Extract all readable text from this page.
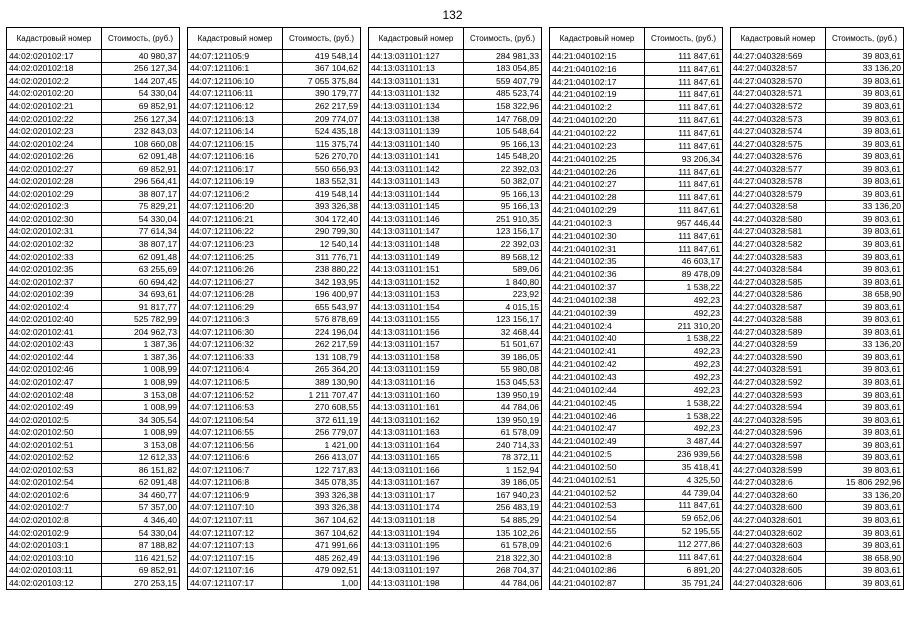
132
Кадастровый номер	Стоимость, (руб.)
44:02:020102:17	40 980,37
44:02:020102:18	256 127,34
44:02:020102:2	144 207,45
44:02:020102:20	54 330,04
44:02:020102:21	69 852,91
44:02:020102:22	256 127,34
44:02:020102:23	232 843,03
44:02:020102:24	108 660,08
44:02:020102:26	62 091,48
44:02:020102:27	69 852,91
44:02:020102:28	296 564,41
44:02:020102:29	38 807,17
44:02:020102:3	75 829,21
44:02:020102:30	54 330,04
44:02:020102:31	77 614,34
44:02:020102:32	38 807,17
44:02:020102:33	62 091,48
44:02:020102:35	63 255,69
44:02:020102:37	60 694,42
44:02:020102:39	34 693,61
44:02:020102:4	91 817,77
44:02:020102:40	525 782,99
44:02:020102:41	204 962,73
44:02:020102:43	1 387,36
44:02:020102:44	1 387,36
44:02:020102:46	1 008,99
44:02:020102:47	1 008,99
44:02:020102:48	3 153,08
44:02:020102:49	1 008,99
44:02:020102:5	34 305,54
44:02:020102:50	1 008,99
44:02:020102:51	3 153,08
44:02:020102:52	12 612,33
44:02:020102:53	86 151,82
44:02:020102:54	62 091,48
44:02:020102:6	34 460,77
44:02:020102:7	57 357,00
44:02:020102:8	4 346,40
44:02:020102:9	54 330,04
44:02:020103:1	87 188,82
44:02:020103:10	116 421,52
44:02:020103:11	69 852,91
44:02:020103:12	270 253,15
Кадастровый номер	Стоимость, (руб.)
44:07:121105:9	419 548,14
44:07:121106:1	367 104,62
44:07:121106:10	7 055 375,84
44:07:121106:11	390 179,77
44:07:121106:12	262 217,59
44:07:121106:13	209 774,07
44:07:121106:14	524 435,18
44:07:121106:15	115 375,74
44:07:121106:16	526 270,70
44:07:121106:17	550 656,93
44:07:121106:19	183 552,31
44:07:121106:2	419 548,14
44:07:121106:20	393 326,38
44:07:121106:21	304 172,40
44:07:121106:22	290 799,30
44:07:121106:23	12 540,14
44:07:121106:25	311 776,71
44:07:121106:26	238 880,22
44:07:121106:27	342 193,95
44:07:121106:28	196 400,97
44:07:121106:29	655 543,97
44:07:121106:3	576 878,69
44:07:121106:30	224 196,04
44:07:121106:32	262 217,59
44:07:121106:33	131 108,79
44:07:121106:4	265 364,20
44:07:121106:5	389 130,90
44:07:121106:52	1 211 707,47
44:07:121106:53	270 608,55
44:07:121106:54	372 611,19
44:07:121106:55	256 779,07
44:07:121106:56	1 421,00
44:07:121106:6	266 413,07
44:07:121106:7	122 717,83
44:07:121106:8	345 078,35
44:07:121106:9	393 326,38
44:07:121107:10	393 326,38
44:07:121107:11	367 104,62
44:07:121107:12	367 104,62
44:07:121107:13	471 991,66
44:07:121107:15	485 262,49
44:07:121107:16	479 092,51
44:07:121107:17	1,00
Кадастровый номер	Стоимость, (руб.)
44:13:031101:127	284 981,33
44:13:031101:13	183 054,85
44:13:031101:131	559 407,79
44:13:031101:132	485 523,74
44:13:031101:134	158 322,96
44:13:031101:138	147 768,09
44:13:031101:139	105 548,64
44:13:031101:140	95 166,13
44:13:031101:141	145 548,20
44:13:031101:142	22 392,03
44:13:031101:143	50 382,07
44:13:031101:144	95 166,13
44:13:031101:145	95 166,13
44:13:031101:146	251 910,35
44:13:031101:147	123 156,17
44:13:031101:148	22 392,03
44:13:031101:149	89 568,12
44:13:031101:151	589,06
44:13:031101:152	1 840,80
44:13:031101:153	223,92
44:13:031101:154	4 015,15
44:13:031101:155	123 156,17
44:13:031101:156	32 468,44
44:13:031101:157	51 501,67
44:13:031101:158	39 186,05
44:13:031101:159	55 980,08
44:13:031101:16	153 045,53
44:13:031101:160	139 950,19
44:13:031101:161	44 784,06
44:13:031101:162	139 950,19
44:13:031101:163	61 578,09
44:13:031101:164	240 714,33
44:13:031101:165	78 372,11
44:13:031101:166	1 152,94
44:13:031101:167	39 186,05
44:13:031101:17	167 940,23
44:13:031101:174	256 483,19
44:13:031101:18	54 885,29
44:13:031101:194	135 102,26
44:13:031101:195	61 578,09
44:13:031101:196	218 322,30
44:13:031101:197	268 704,37
44:13:031101:198	44 784,06
Кадастровый номер	Стоимость, (руб.)
44:21:040102:15	111 847,61
44:21:040102:16	111 847,61
44:21:040102:17	111 847,61
44:21:040102:19	111 847,61
44:21:040102:2	111 847,61
44:21:040102:20	111 847,61
44:21:040102:22	111 847,61
44:21:040102:23	111 847,61
44:21:040102:25	93 206,34
44:21:040102:26	111 847,61
44:21:040102:27	111 847,61
44:21:040102:28	111 847,61
44:21:040102:29	111 847,61
44:21:040102:3	957 446,44
44:21:040102:30	111 847,61
44:21:040102:31	111 847,61
44:21:040102:35	46 603,17
44:21:040102:36	89 478,09
44:21:040102:37	1 538,22
44:21:040102:38	492,23
44:21:040102:39	492,23
44:21:040102:4	211 310,20
44:21:040102:40	1 538,22
44:21:040102:41	492,23
44:21:040102:42	492,23
44:21:040102:43	492,23
44:21:040102:44	492,23
44:21:040102:45	1 538,22
44:21:040102:46	1 538,22
44:21:040102:47	492,23
44:21:040102:49	3 487,44
44:21:040102:5	236 939,56
44:21:040102:50	35 418,41
44:21:040102:51	4 325,50
44:21:040102:52	44 739,04
44:21:040102:53	111 847,61
44:21:040102:54	59 652,06
44:21:040102:55	52 195,55
44:21:040102:6	112 277,86
44:21:040102:8	111 847,61
44:21:040102:86	6 891,20
44:21:040102:87	35 791,24
Кадастровый номер	Стоимость, (руб.)
44:27:040328:569	39 803,61
44:27:040328:57	33 136,20
44:27:040328:570	39 803,61
44:27:040328:571	39 803,61
44:27:040328:572	39 803,61
44:27:040328:573	39 803,61
44:27:040328:574	39 803,61
44:27:040328:575	39 803,61
44:27:040328:576	39 803,61
44:27:040328:577	39 803,61
44:27:040328:578	39 803,61
44:27:040328:579	39 803,61
44:27:040328:58	33 136,20
44:27:040328:580	39 803,61
44:27:040328:581	39 803,61
44:27:040328:582	39 803,61
44:27:040328:583	39 803,61
44:27:040328:584	39 803,61
44:27:040328:585	39 803,61
44:27:040328:586	38 658,90
44:27:040328:587	39 803,61
44:27:040328:588	39 803,61
44:27:040328:589	39 803,61
44:27:040328:59	33 136,20
44:27:040328:590	39 803,61
44:27:040328:591	39 803,61
44:27:040328:592	39 803,61
44:27:040328:593	39 803,61
44:27:040328:594	39 803,61
44:27:040328:595	39 803,61
44:27:040328:596	39 803,61
44:27:040328:597	39 803,61
44:27:040328:598	39 803,61
44:27:040328:599	39 803,61
44:27:040328:6	15 806 292,96
44:27:040328:60	33 136,20
44:27:040328:600	39 803,61
44:27:040328:601	39 803,61
44:27:040328:602	39 803,61
44:27:040328:603	39 803,61
44:27:040328:604	38 658,90
44:27:040328:605	39 803,61
44:27:040328:606	39 803,61
